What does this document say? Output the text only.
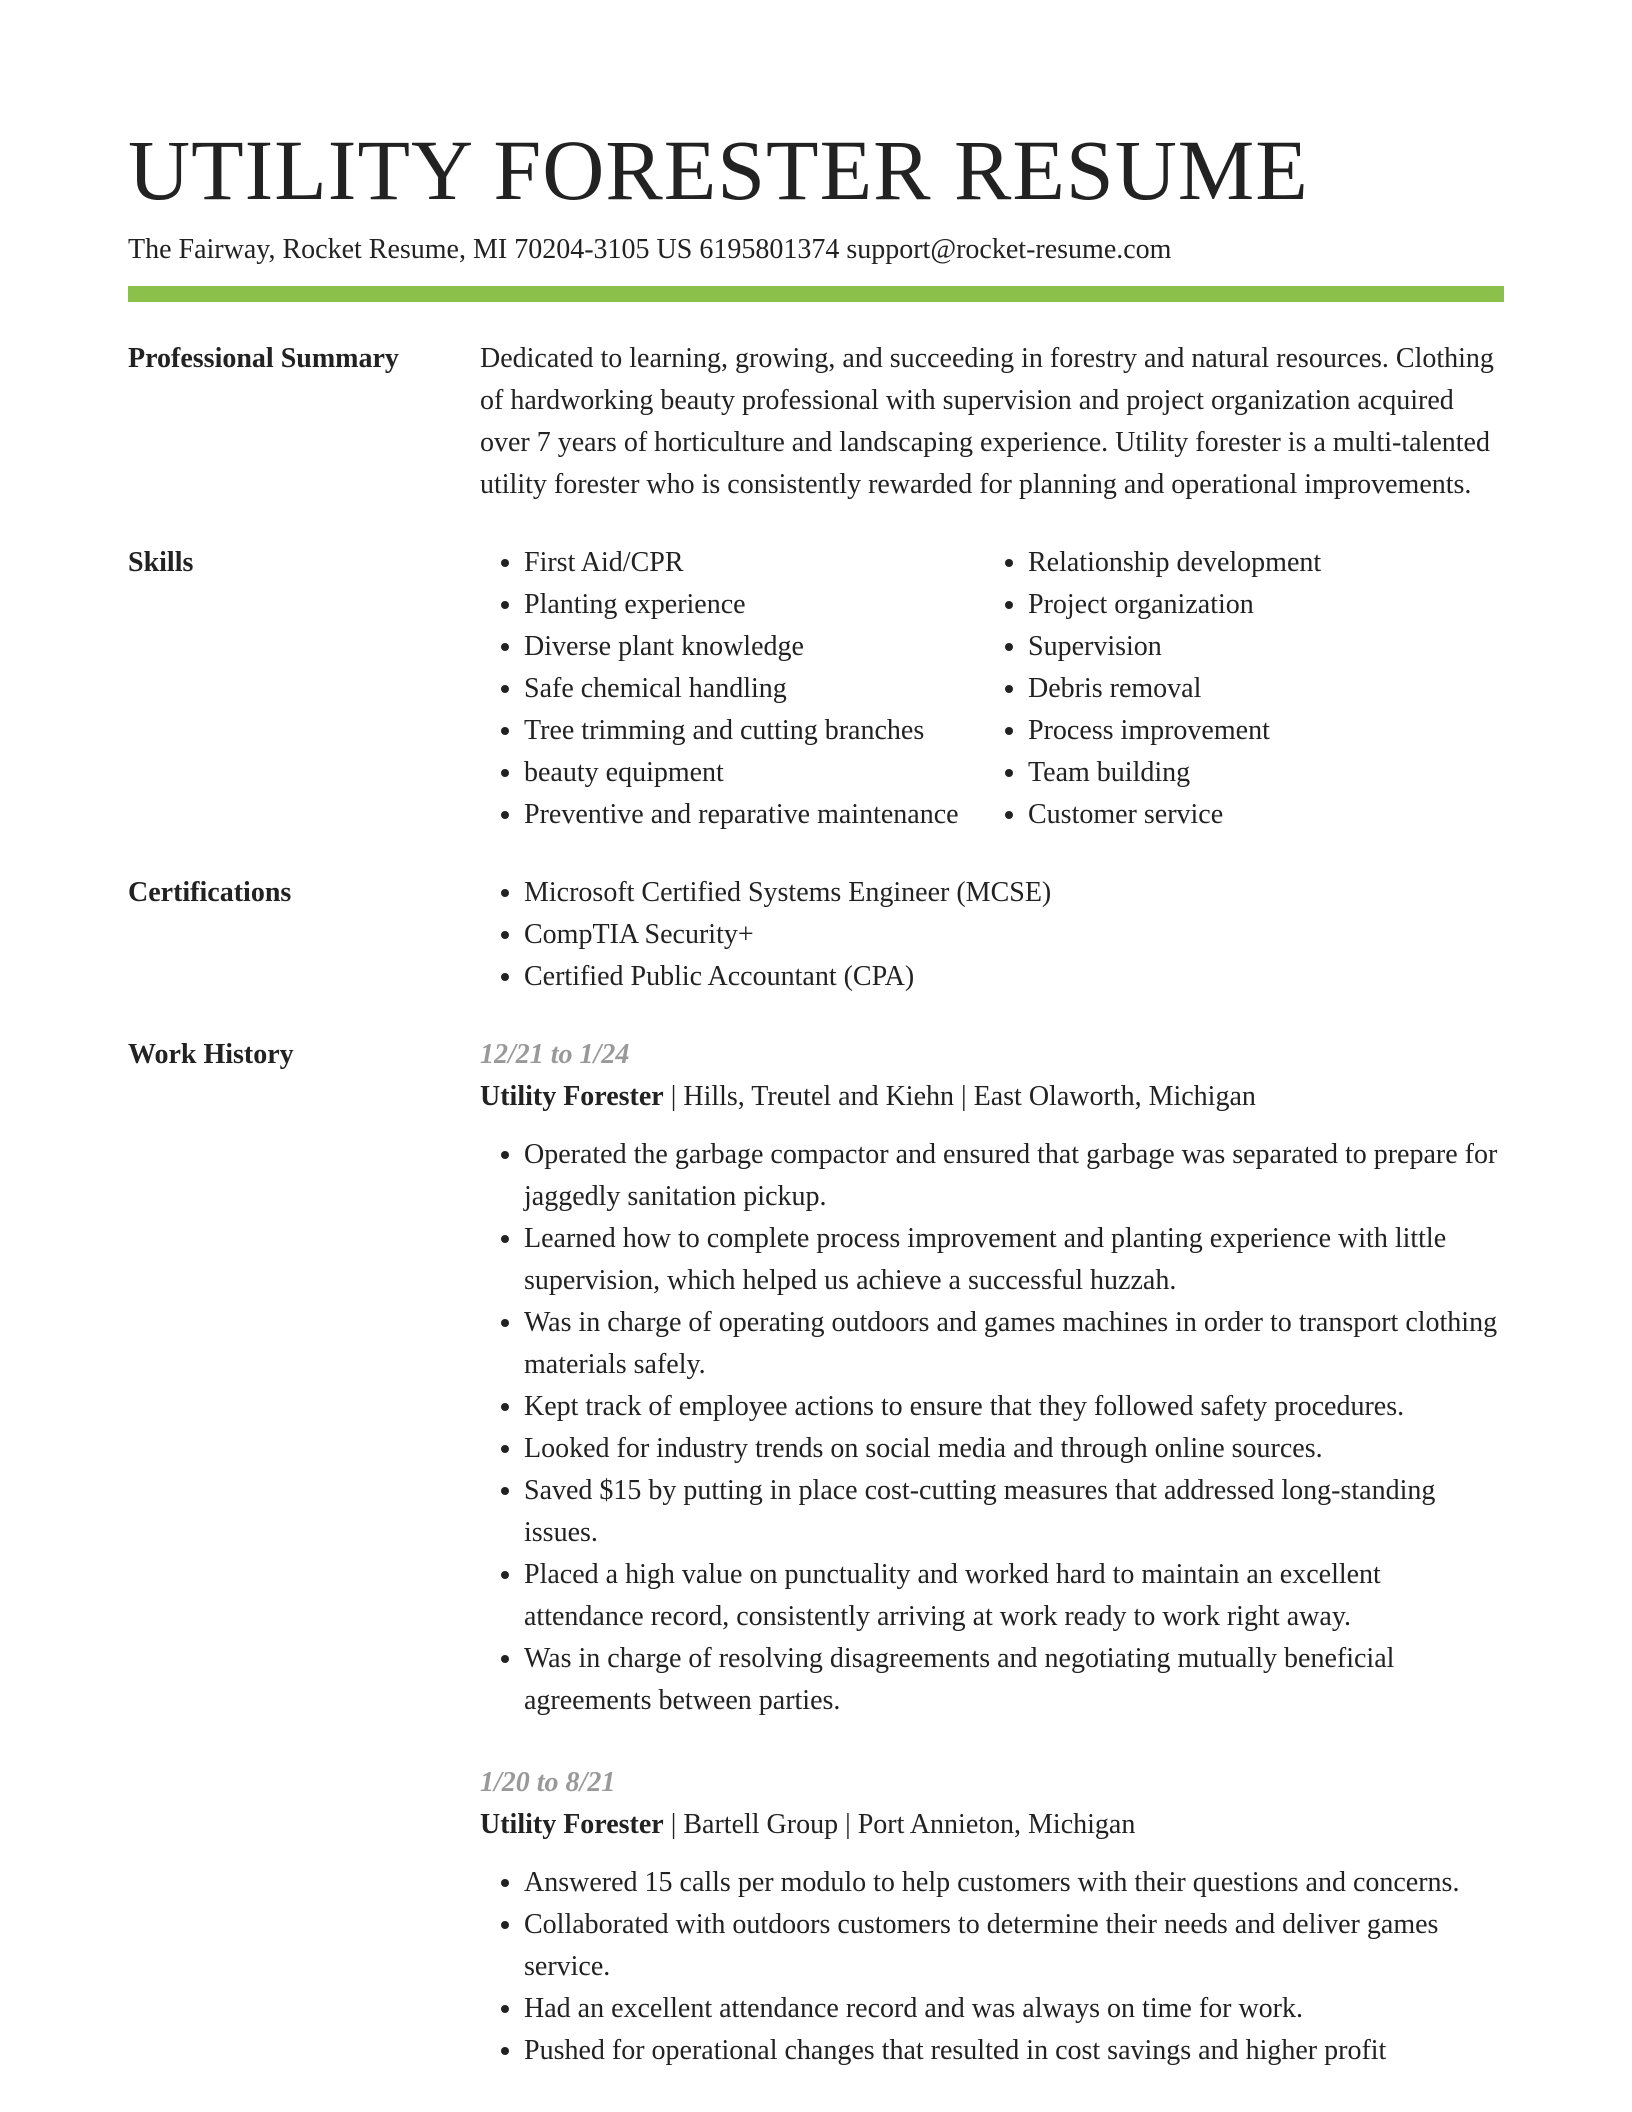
UTILITY FORESTER RESUME
The Fairway, Rocket Resume, MI 70204-3105 US 6195801374 support@rocket-resume.com
Professional Summary	Dedicated to learning, growing, and succeeding in forestry and natural resources. Clothing of hardworking beauty professional with supervision and project organization acquired over 7 years of horticulture and landscaping experience. Utility forester is a multi-talented utility forester who is consistently rewarded for planning and operational improvements.

Skills	• First Aid/CPR
• Planting experience
• Diverse plant knowledge
• Safe chemical handling
• Tree trimming and cutting branches
• beauty equipment
• Preventive and reparative maintenance
• Relationship development
• Project organization
• Supervision
• Debris removal
• Process improvement
• Team building
• Customer service
Certifications	• Microsoft Certified Systems Engineer (MCSE)
• CompTIA Security+
• Certified Public Accountant (CPA)
Work History	12/21 to 1/24
Utility Forester | Hills, Treutel and Kiehn | East Olaworth, Michigan
• Operated the garbage compactor and ensured that garbage was separated to prepare for jaggedly sanitation pickup.
• Learned how to complete process improvement and planting experience with little supervision, which helped us achieve a successful huzzah.
• Was in charge of operating outdoors and games machines in order to transport clothing materials safely.
• Kept track of employee actions to ensure that they followed safety procedures.
• Looked for industry trends on social media and through online sources.
• Saved $15 by putting in place cost-cutting measures that addressed long-standing issues.
• Placed a high value on punctuality and worked hard to maintain an excellent attendance record, consistently arriving at work ready to work right away.
• Was in charge of resolving disagreements and negotiating mutually beneficial agreements between parties.
1/20 to 8/21
Utility Forester | Bartell Group | Port Annieton, Michigan
• Answered 15 calls per modulo to help customers with their questions and concerns.
• Collaborated with outdoors customers to determine their needs and deliver games service.
• Had an excellent attendance record and was always on time for work.
• Pushed for operational changes that resulted in cost savings and higher profit
